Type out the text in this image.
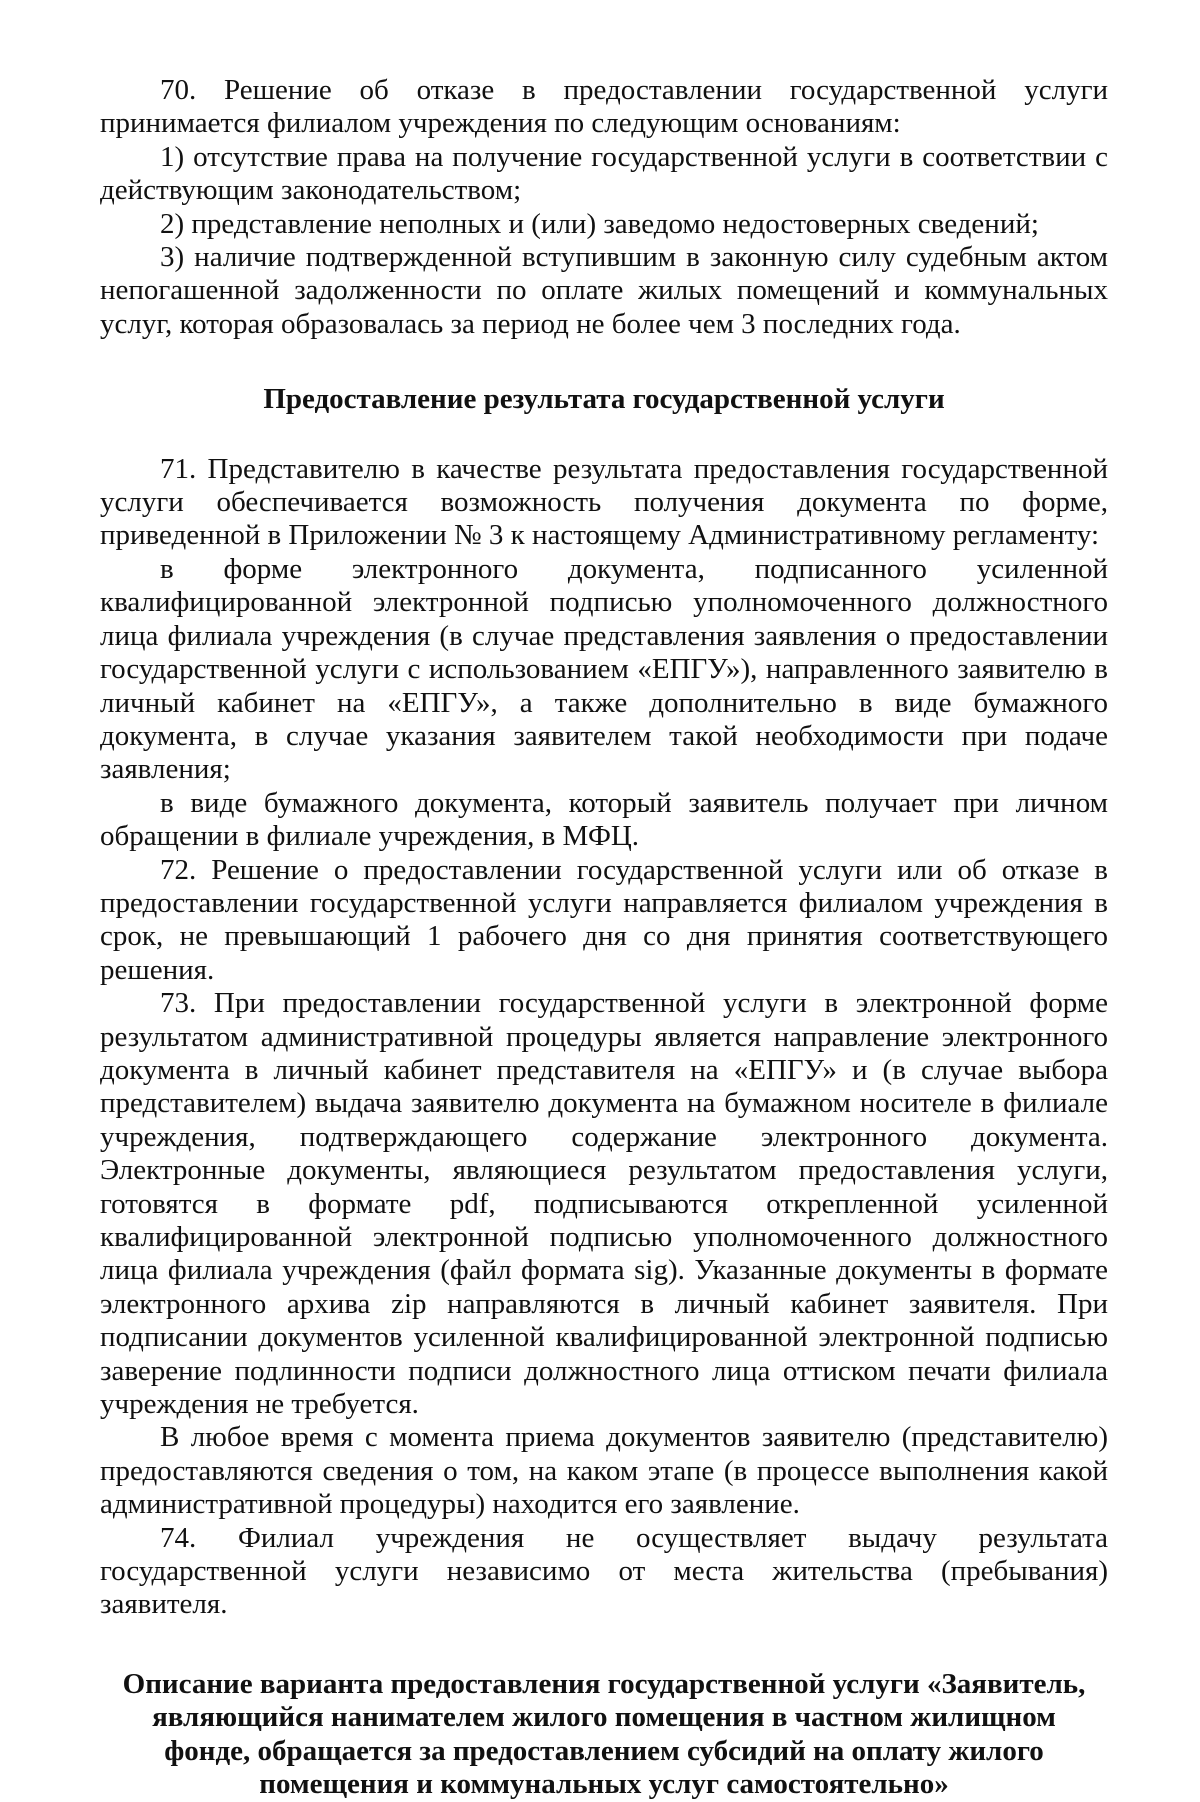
70. Решение об отказе в предоставлении государственной услуги принимается филиалом учреждения по следующим основаниям:

1) отсутствие права на получение государственной услуги в соответствии с действующим законодательством;

2) представление неполных и (или) заведомо недостоверных сведений;

3) наличие подтвержденной вступившим в законную силу судебным актом непогашенной задолженности по оплате жилых помещений и коммунальных услуг, которая образовалась за период не более чем 3 последних года.

Предоставление результата государственной услуги

71. Представителю в качестве результата предоставления государственной услуги обеспечивается возможность получения документа по форме, приведенной в Приложении № 3 к настоящему Административному регламенту:

в форме электронного документа, подписанного усиленной квалифицированной электронной подписью уполномоченного должностного лица филиала учреждения (в случае представления заявления о предоставлении государственной услуги с использованием «ЕПГУ»), направленного заявителю в личный кабинет на «ЕПГУ», а также дополнительно в виде бумажного документа, в случае указания заявителем такой необходимости при подаче заявления;

в виде бумажного документа, который заявитель получает при личном обращении в филиале учреждения, в МФЦ.

72. Решение о предоставлении государственной услуги или об отказе в предоставлении государственной услуги направляется филиалом учреждения в срок, не превышающий 1 рабочего дня со дня принятия соответствующего решения.

73. При предоставлении государственной услуги в электронной форме результатом административной процедуры является направление электронного документа в личный кабинет представителя на «ЕПГУ» и (в случае выбора представителем) выдача заявителю документа на бумажном носителе в филиале учреждения, подтверждающего содержание электронного документа. Электронные документы, являющиеся результатом предоставления услуги, готовятся в формате pdf, подписываются открепленной усиленной квалифицированной электронной подписью уполномоченного должностного лица филиала учреждения (файл формата sig). Указанные документы в формате электронного архива zip направляются в личный кабинет заявителя. При подписании документов усиленной квалифицированной электронной подписью заверение подлинности подписи должностного лица оттиском печати филиала учреждения не требуется.

В любое время с момента приема документов заявителю (представителю) предоставляются сведения о том, на каком этапе (в процессе выполнения какой административной процедуры) находится его заявление.

74. Филиал учреждения не осуществляет выдачу результата государственной услуги независимо от места жительства (пребывания) заявителя.

Описание варианта предоставления государственной услуги «Заявитель, являющийся нанимателем жилого помещения в частном жилищном фонде, обращается за предоставлением субсидий на оплату жилого помещения и коммунальных услуг самостоятельно»
